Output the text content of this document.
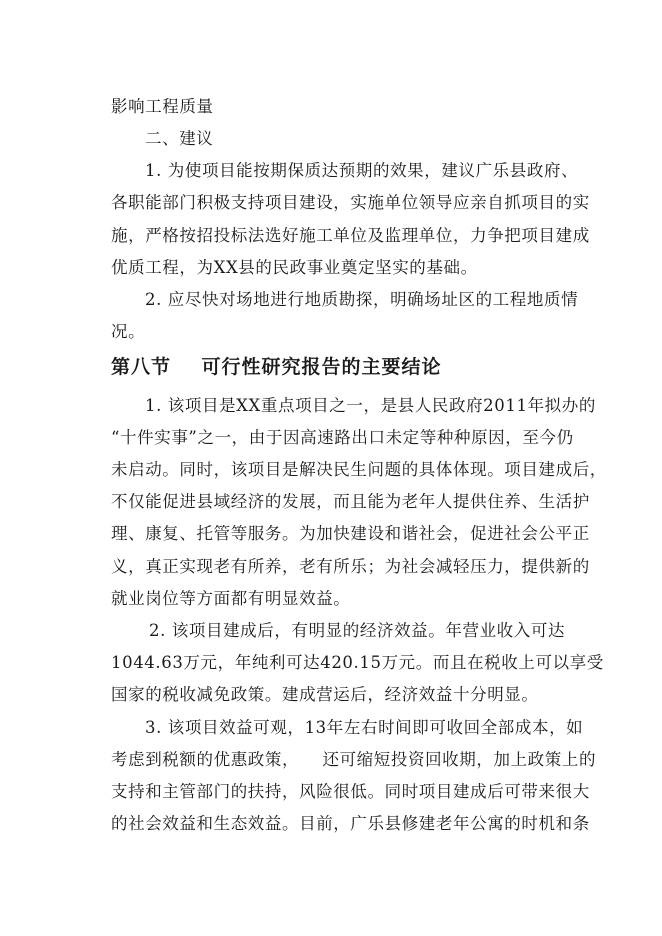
影响工程质量
二、建议
1. 为使项目能按期保质达预期的效果，建议广乐县政府、
各职能部门积极支持项目建设，实施单位领导应亲自抓项目的实
施，严格按招投标法选好施工单位及监理单位，力争把项目建成
优质工程，为XX县的民政事业奠定坚实的基础。
2. 应尽快对场地进行地质勘探，明确场址区的工程地质情
况。
第八节    可行性研究报告的主要结论
1. 该项目是XX重点项目之一，是县人民政府2011年拟办的
“十件实事”之一，由于因高速路出口未定等种种原因，至今仍
未启动。同时，该项目是解决民生问题的具体体现。项目建成后，
不仅能促进县域经济的发展，而且能为老年人提供住养、生活护
理、康复、托管等服务。为加快建设和谐社会，促进社会公平正
义，真正实现老有所养，老有所乐；为社会减轻压力，提供新的
就业岗位等方面都有明显效益。
2. 该项目建成后，有明显的经济效益。年营业收入可达
1044.63万元，年纯利可达420.15万元。而且在税收上可以享受
国家的税收减免政策。建成营运后，经济效益十分明显。
3. 该项目效益可观，13年左右时间即可收回全部成本，如
考虑到税额的优惠政策，    还可缩短投资回收期，加上政策上的
支持和主管部门的扶持，风险很低。同时项目建成后可带来很大
的社会效益和生态效益。目前，广乐县修建老年公寓的时机和条
